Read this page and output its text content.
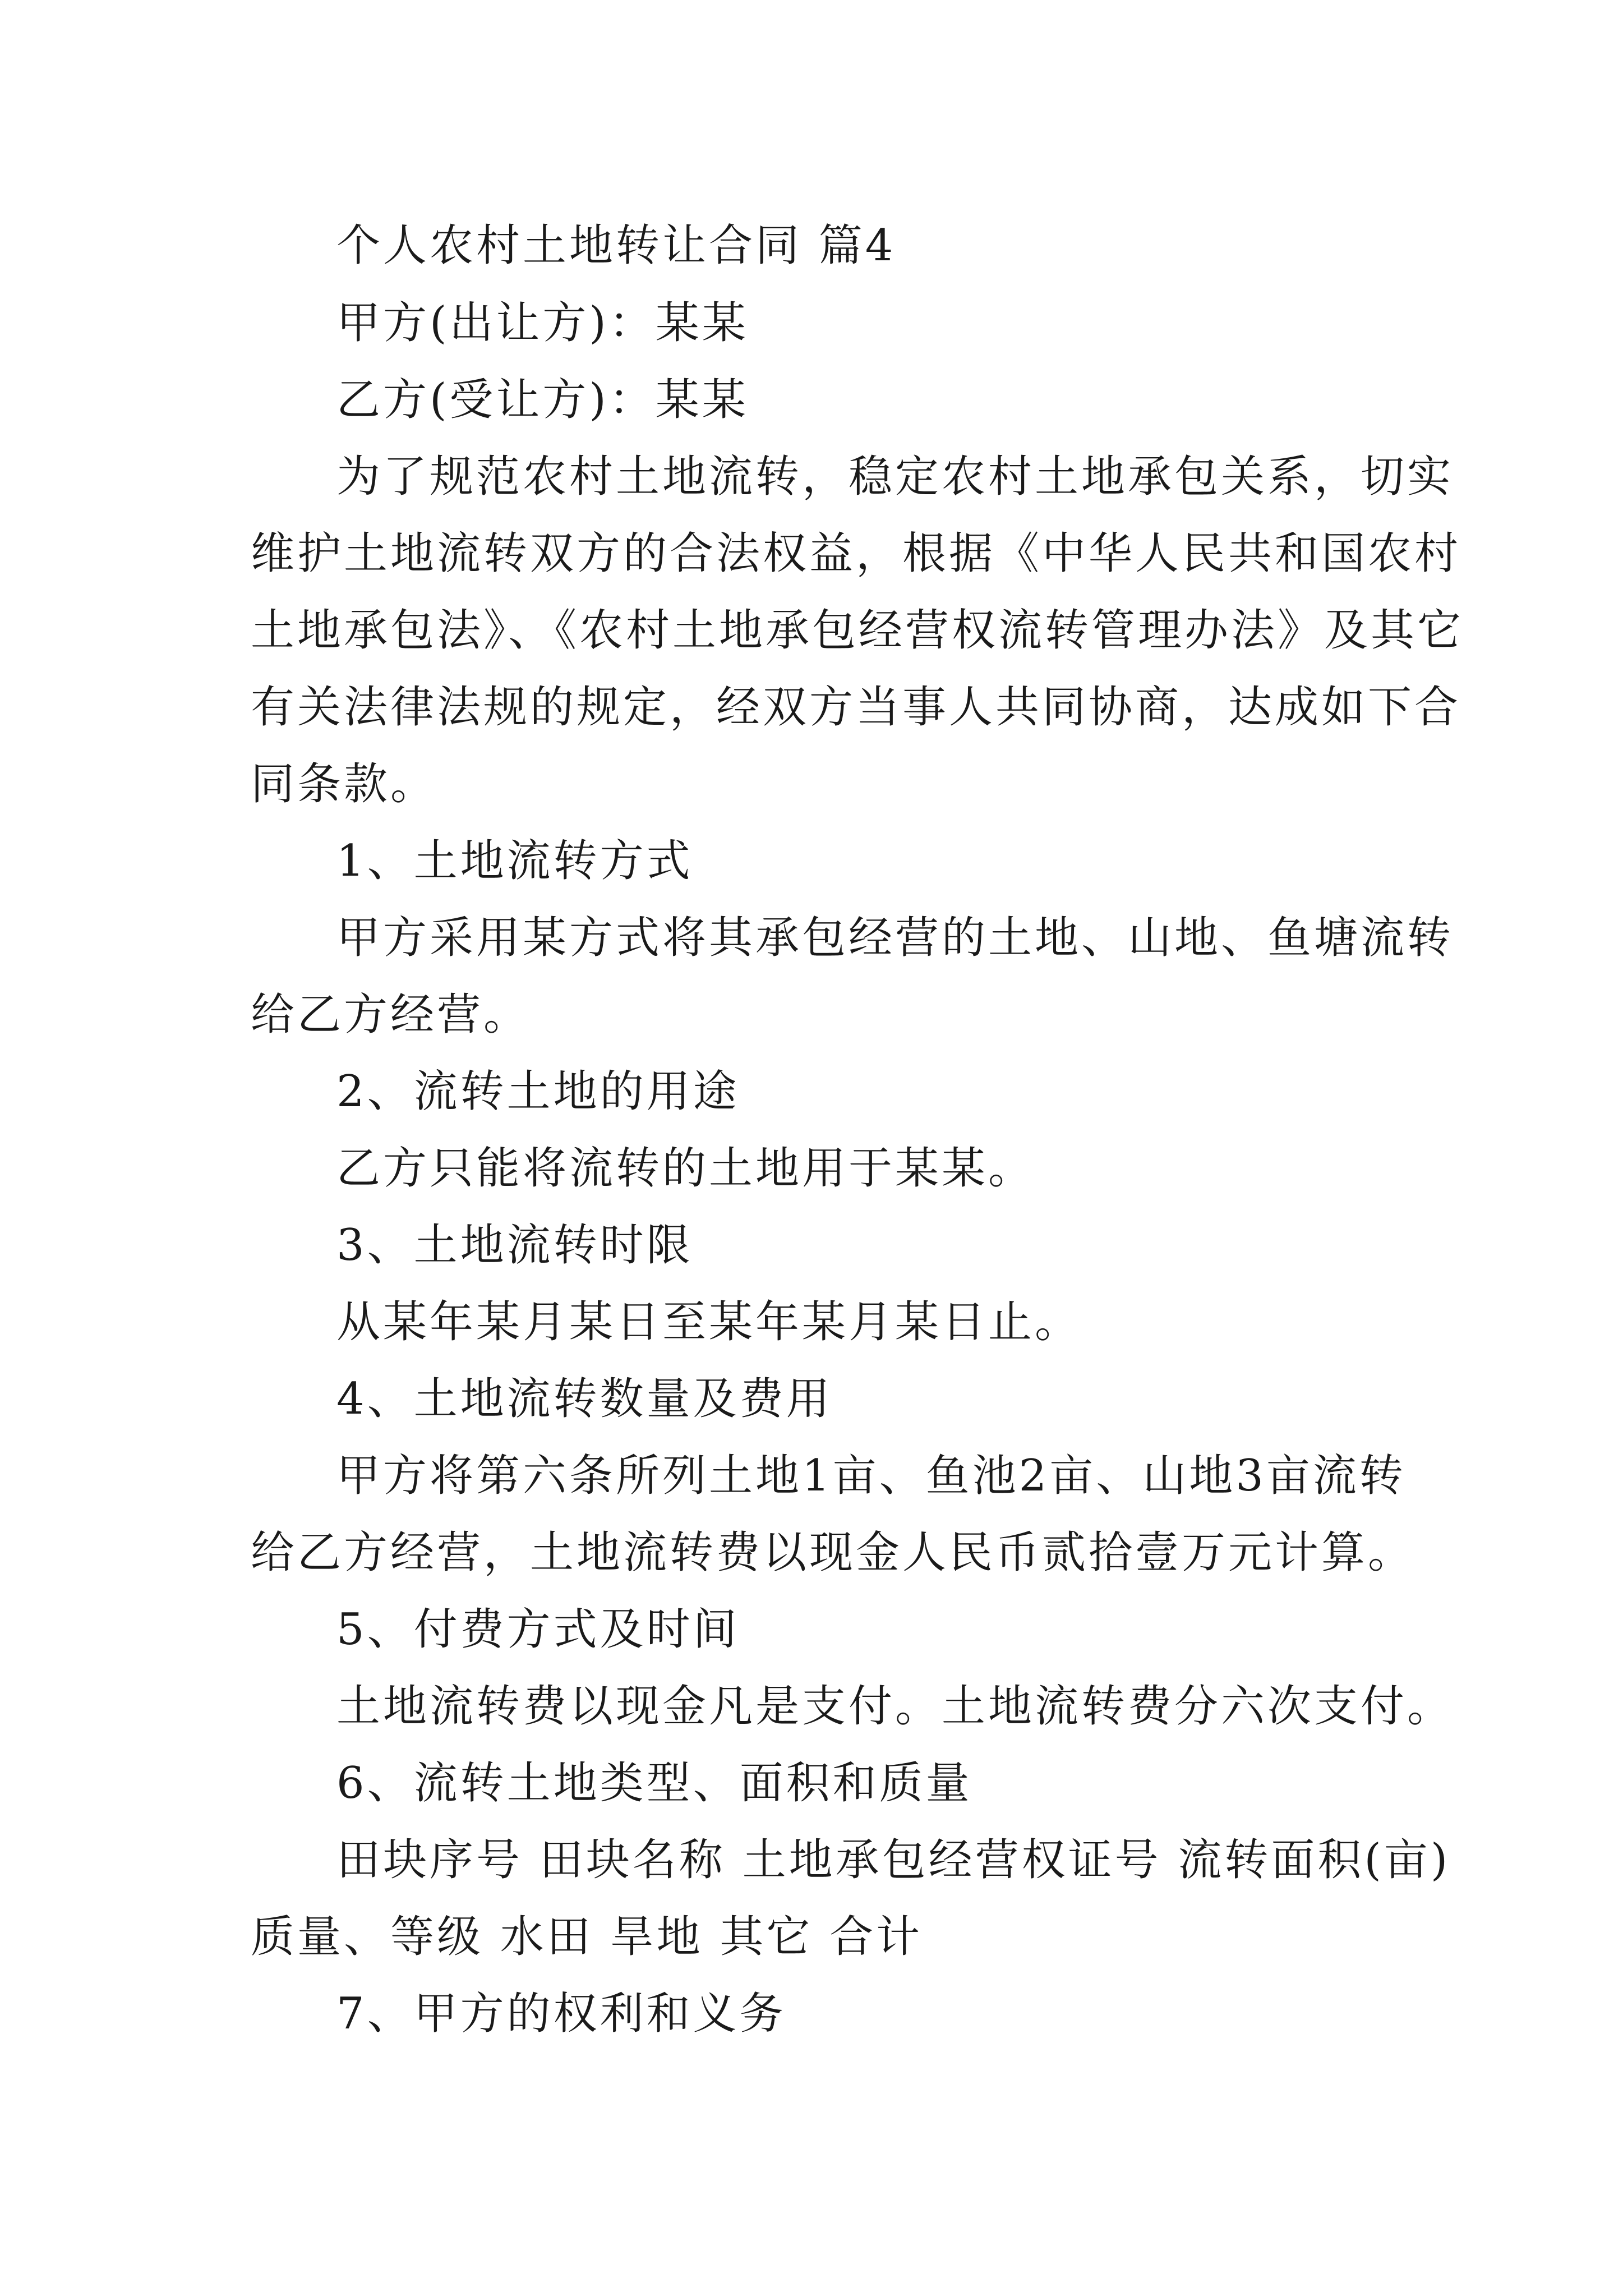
个人农村土地转让合同 篇4

甲方(出让方)：某某

乙方(受让方)：某某

为了规范农村土地流转，稳定农村土地承包关系，切实

维护土地流转双方的合法权益，根据《中华人民共和国农村

土地承包法》、《农村土地承包经营权流转管理办法》及其它

有关法律法规的规定，经双方当事人共同协商，达成如下合

同条款。

1、土地流转方式

甲方采用某方式将其承包经营的土地、山地、鱼塘流转

给乙方经营。

2、流转土地的用途

乙方只能将流转的土地用于某某。

3、土地流转时限

从某年某月某日至某年某月某日止。

4、土地流转数量及费用

甲方将第六条所列土地1亩、鱼池2亩、山地3亩流转

给乙方经营，土地流转费以现金人民币贰拾壹万元计算。

5、付费方式及时间

土地流转费以现金凡是支付。土地流转费分六次支付。

6、流转土地类型、面积和质量

田块序号 田块名称 土地承包经营权证号 流转面积(亩)

质量、等级 水田 旱地 其它 合计

7、甲方的权利和义务
